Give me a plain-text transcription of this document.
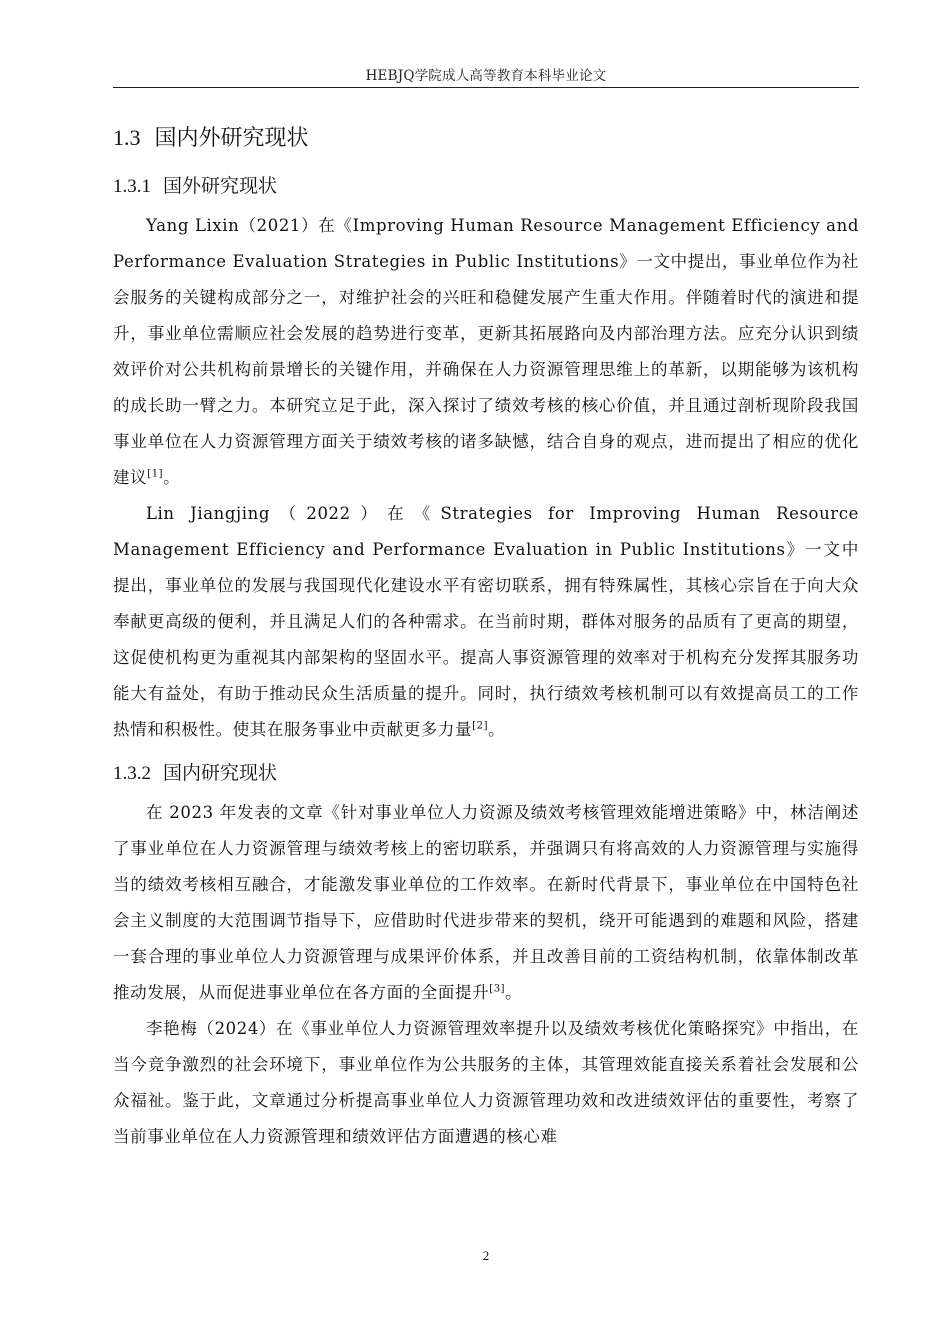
HEBJQ学院成人高等教育本科毕业论文
1.3 国内外研究现状
1.3.1 国外研究现状

Yang Lixin（2021）在《Improving Human Resource Management Efficiency and Performance Evaluation Strategies in Public Institutions》一文中提出，事业单位作为社会服务的关键构成部分之一，对维护社会的兴旺和稳健发展产生重大作用。伴随着时代的演进和提升，事业单位需顺应社会发展的趋势进行变革，更新其拓展路向及内部治理方法。应充分认识到绩效评价对公共机构前景增长的关键作用，并确保在人力资源管理思维上的革新，以期能够为该机构的成长助一臂之力。本研究立足于此，深入探讨了绩效考核的核心价值，并且通过剖析现阶段我国事业单位在人力资源管理方面关于绩效考核的诸多缺憾，结合自身的观点，进而提出了相应的优化建议[1]。

Lin Jiangjing（2022）在《Strategies for Improving Human Resource Management Efficiency and Performance Evaluation in Public Institutions》一文中提出，事业单位的发展与我国现代化建设水平有密切联系，拥有特殊属性，其核心宗旨在于向大众奉献更高级的便利，并且满足人们的各种需求。在当前时期，群体对服务的品质有了更高的期望，这促使机构更为重视其内部架构的坚固水平。提高人事资源管理的效率对于机构充分发挥其服务功能大有益处，有助于推动民众生活质量的提升。同时，执行绩效考核机制可以有效提高员工的工作热情和积极性。使其在服务事业中贡献更多力量[2]。

1.3.2 国内研究现状

在 2023 年发表的文章《针对事业单位人力资源及绩效考核管理效能增进策略》中，林洁阐述了事业单位在人力资源管理与绩效考核上的密切联系，并强调只有将高效的人力资源管理与实施得当的绩效考核相互融合，才能激发事业单位的工作效率。在新时代背景下，事业单位在中国特色社会主义制度的大范围调节指导下，应借助时代进步带来的契机，绕开可能遇到的难题和风险，搭建一套合理的事业单位人力资源管理与成果评价体系，并且改善目前的工资结构机制，依靠体制改革推动发展，从而促进事业单位在各方面的全面提升[3]。

李艳梅（2024）在《事业单位人力资源管理效率提升以及绩效考核优化策略探究》中指出，在当今竞争激烈的社会环境下，事业单位作为公共服务的主体，其管理效能直接关系着社会发展和公众福祉。鉴于此，文章通过分析提高事业单位人力资源管理功效和改进绩效评估的重要性，考察了当前事业单位在人力资源管理和绩效评估方面遭遇的核心难

2
